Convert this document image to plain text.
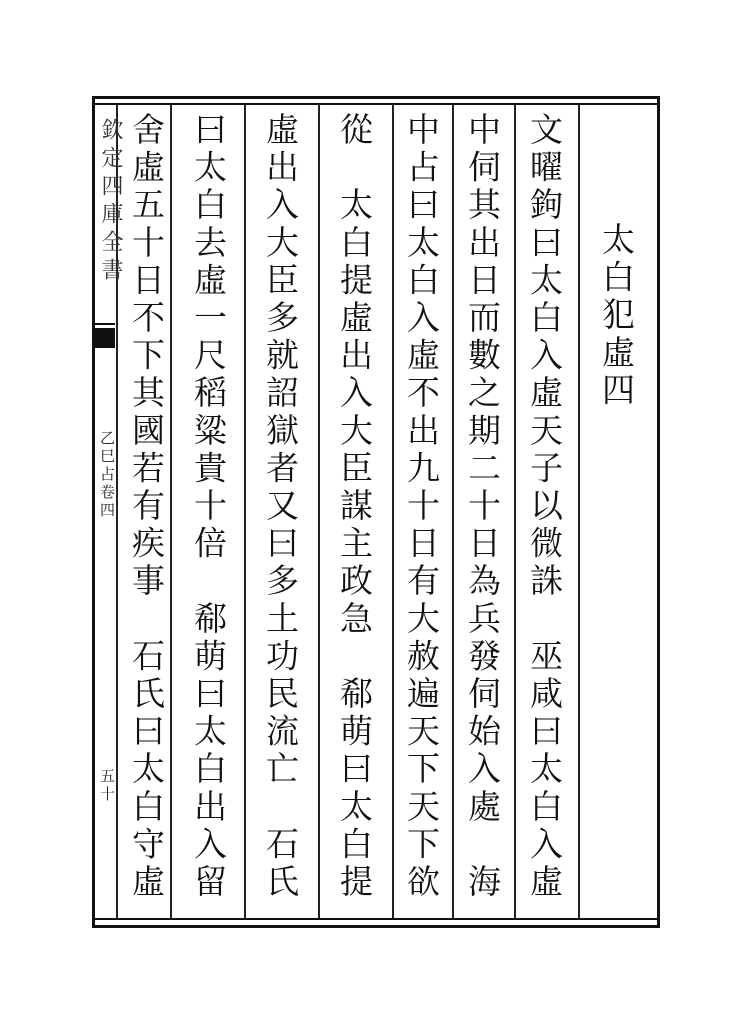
欽定四庫全書
乙巳占卷四
五十
太白犯虛四
文曜鉤曰太白入虛天子以微誅　巫咸曰太白入虛
中伺其出日而數之期二十日為兵發伺始入處　海
中占曰太白入虛不出九十日有大赦遍天下天下欲
從　太白提虛出入大臣謀主政急　郗萌曰太白提
虛出入大臣多就詔獄者又曰多土功民流亡　石氏
曰太白去虛一尺稻粱貴十倍　郗萌曰太白出入留
舍虛五十日不下其國若有疾事　石氏曰太白守虛
